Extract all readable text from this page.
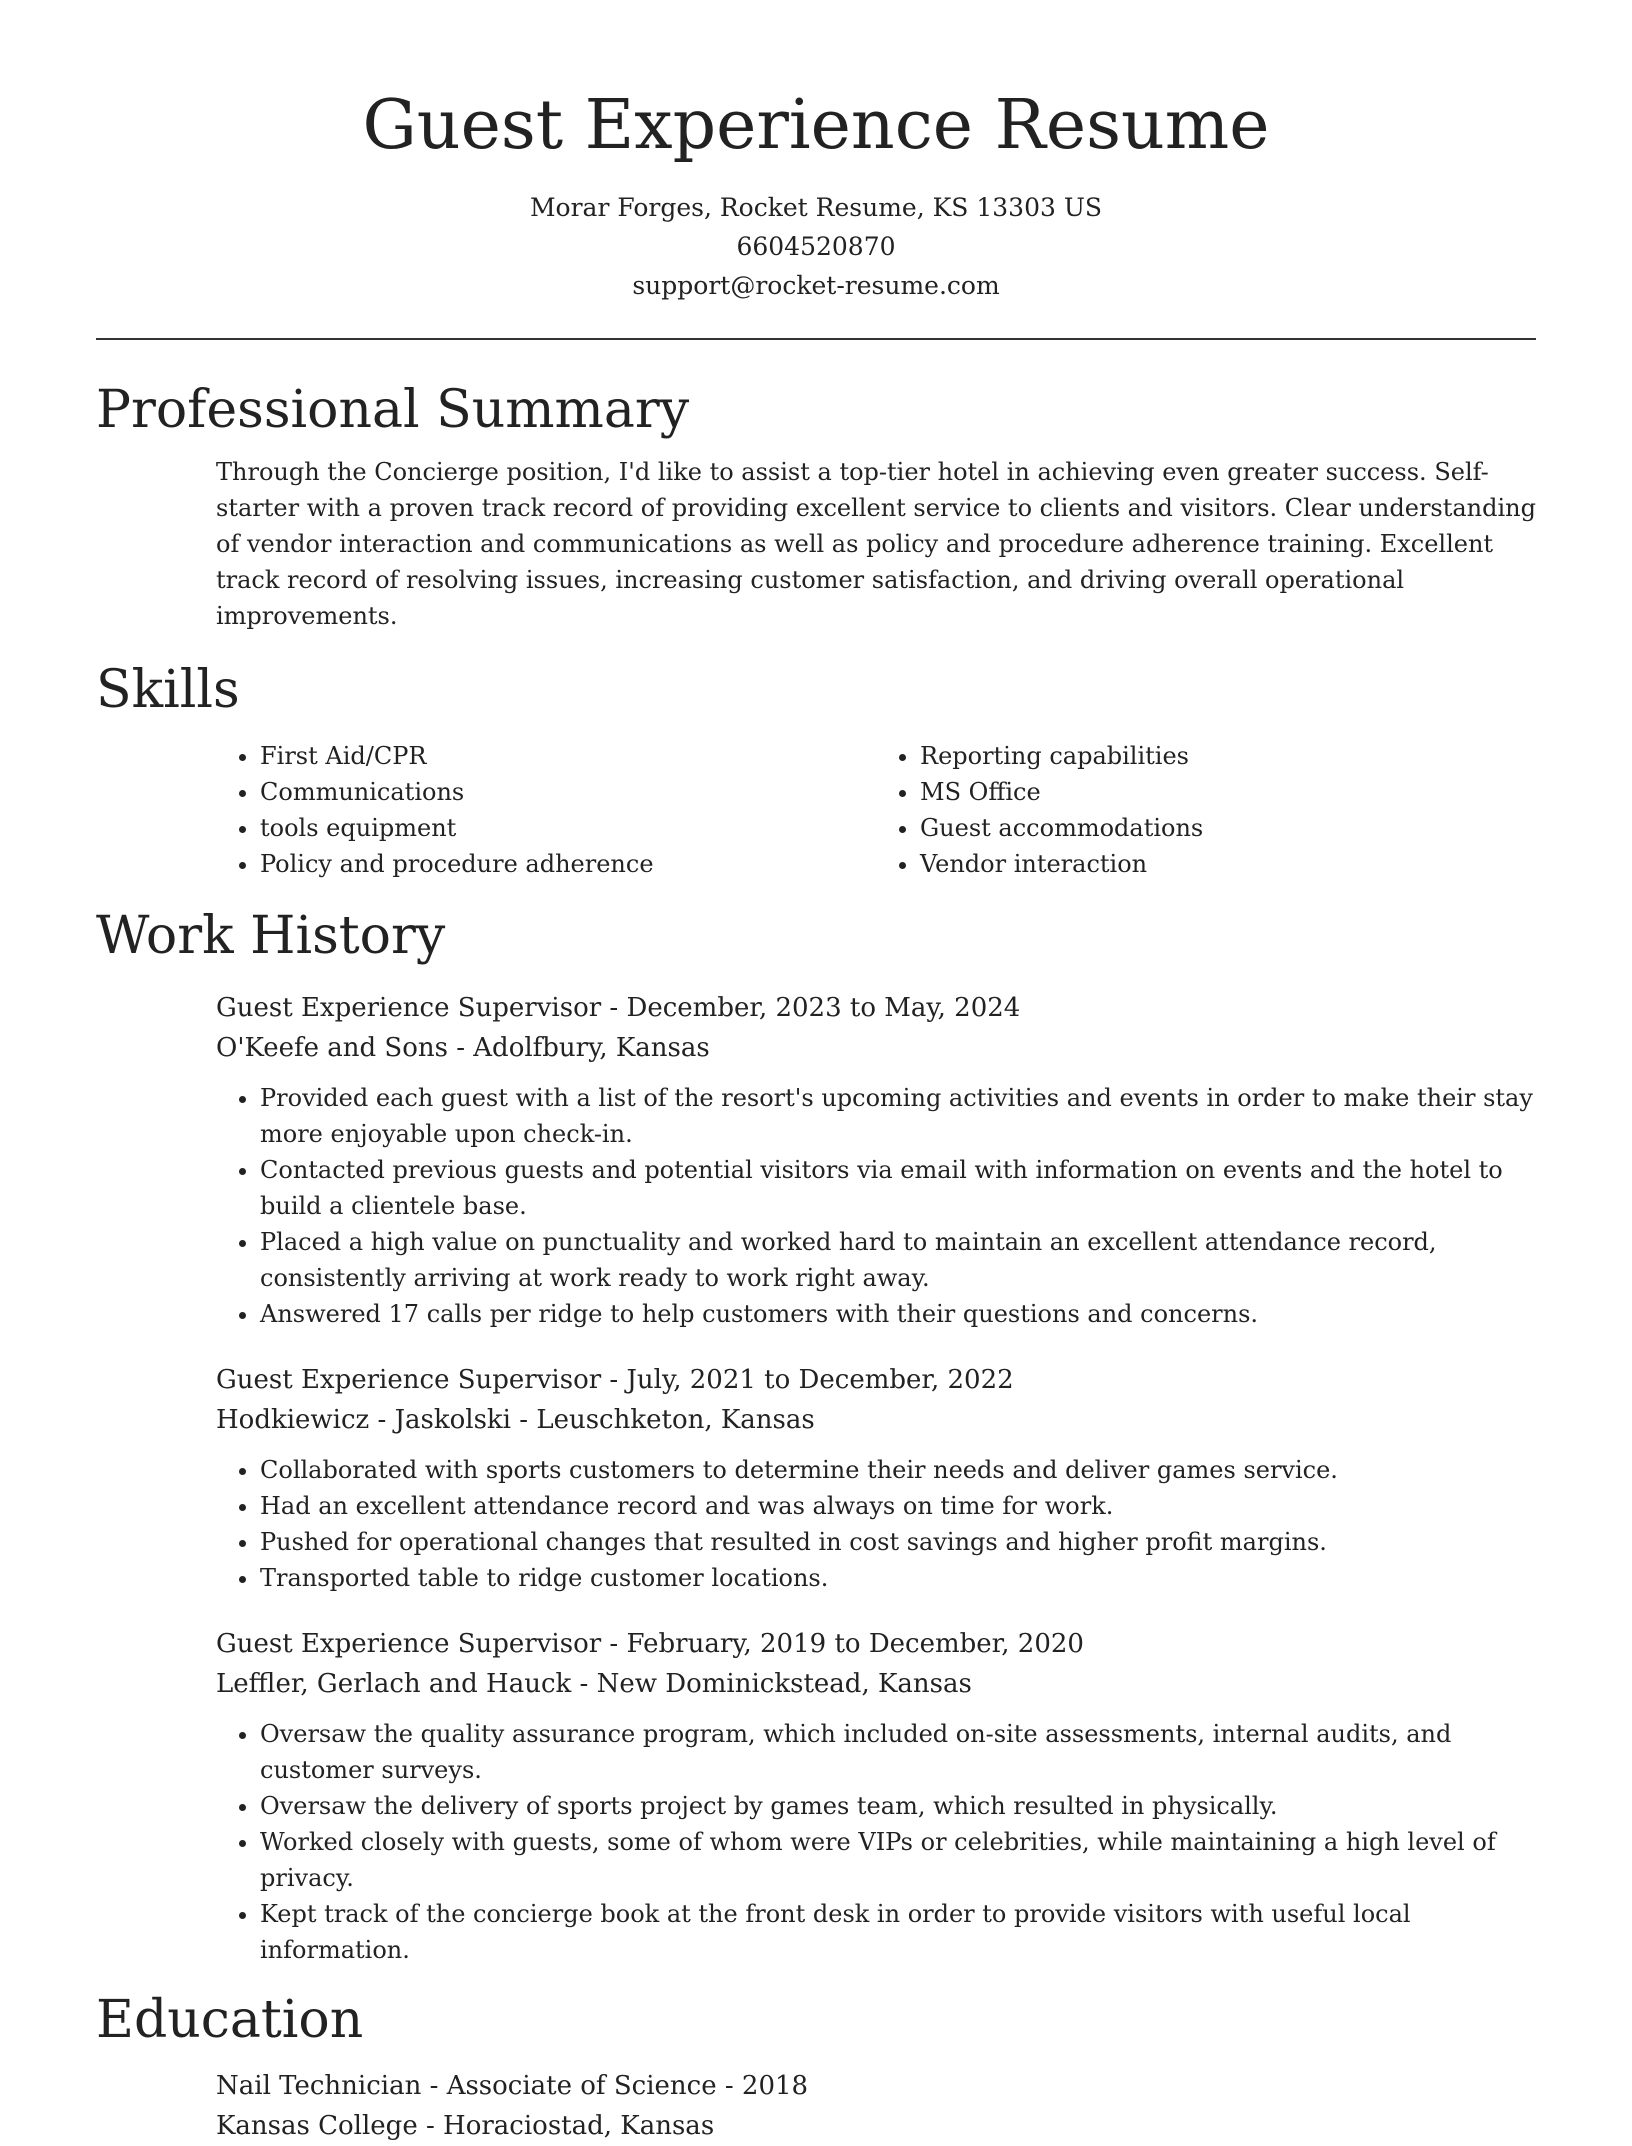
Guest Experience Resume
Morar Forges, Rocket Resume, KS 13303 US
6604520870
support@rocket-resume.com
Professional Summary

Through the Concierge position, I'd like to assist a top-tier hotel in achieving even greater success. Self-starter with a proven track record of providing excellent service to clients and visitors. Clear understanding of vendor interaction and communications as well as policy and procedure adherence training. Excellent track record of resolving issues, increasing customer satisfaction, and driving overall operational improvements.

Skills
• First Aid/CPR
• Communications
• tools equipment
• Policy and procedure adherence
• Reporting capabilities
• MS Office
• Guest accommodations
• Vendor interaction
Work History
Guest Experience Supervisor - December, 2023 to May, 2024
O'Keefe and Sons - Adolfbury, Kansas
• Provided each guest with a list of the resort's upcoming activities and events in order to make their stay more enjoyable upon check-in.
• Contacted previous guests and potential visitors via email with information on events and the hotel to build a clientele base.
• Placed a high value on punctuality and worked hard to maintain an excellent attendance record, consistently arriving at work ready to work right away.
• Answered 17 calls per ridge to help customers with their questions and concerns.
Guest Experience Supervisor - July, 2021 to December, 2022
Hodkiewicz - Jaskolski - Leuschketon, Kansas
• Collaborated with sports customers to determine their needs and deliver games service.
• Had an excellent attendance record and was always on time for work.
• Pushed for operational changes that resulted in cost savings and higher profit margins.
• Transported table to ridge customer locations.
Guest Experience Supervisor - February, 2019 to December, 2020
Leffler, Gerlach and Hauck - New Dominickstead, Kansas
• Oversaw the quality assurance program, which included on-site assessments, internal audits, and customer surveys.
• Oversaw the delivery of sports project by games team, which resulted in physically.
• Worked closely with guests, some of whom were VIPs or celebrities, while maintaining a high level of privacy.
• Kept track of the concierge book at the front desk in order to provide visitors with useful local information.
Education
Nail Technician - Associate of Science - 2018
Kansas College - Horaciostad, Kansas
